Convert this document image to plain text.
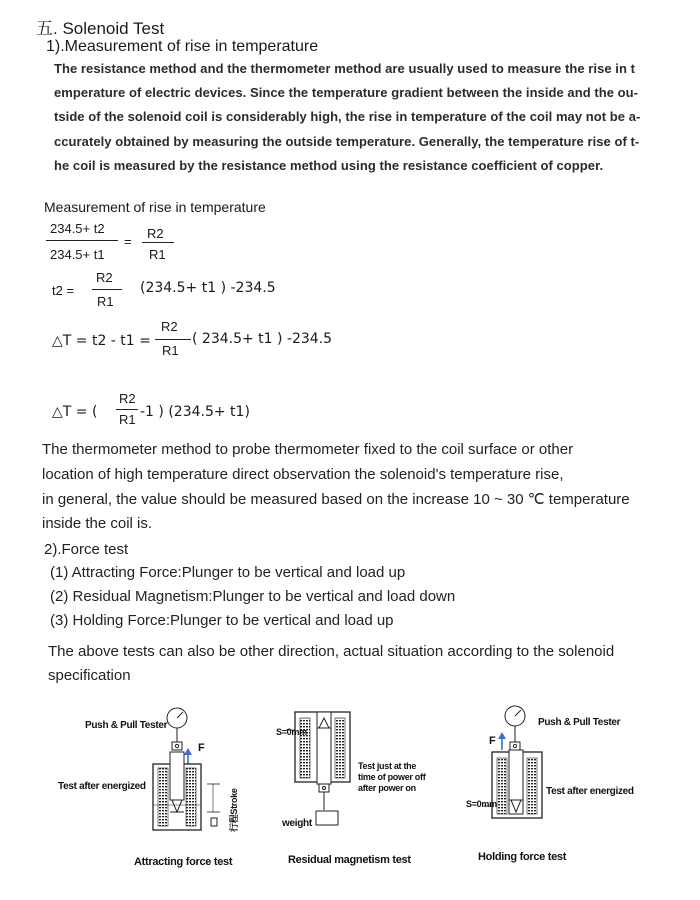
五. Solenoid Test
1).Measurement of rise in temperature
The resistance method and the thermometer method are usually used to measure the rise in t
emperature of electric devices. Since the temperature gradient between the inside and the ou-
tside of the solenoid coil is considerably high, the rise in temperature of the coil may not be a-
ccurately obtained by measuring the outside temperature. Generally, the temperature rise of t-
he coil is measured by the resistance method using the resistance coefficient of copper.
Measurement of rise in temperature
234.5+ t2
234.5+ t1
=
R2
R1
t2 =
R2
R1
(234.5+ t1 ) -234.5
△T = t2 - t1 =
R2
R1
( 234.5+ t1 ) -234.5
△T = (
R2
R1 -1 ) (234.5+ t1)
The thermometer method to probe thermometer fixed to the coil surface or other
location of high temperature direct observation the solenoid's temperature rise,
in general, the value should be measured based on the increase 10 ~ 30 ℃ temperature
inside the coil is.
2).Force test
(1) Attracting Force:Plunger to be vertical and load up
(2) Residual Magnetism:Plunger to be vertical and load down
(3) Holding Force:Plunger to be vertical and load up
The above tests can also be other direction, actual situation according to the solenoid
specification
Push & Pull Tester
F
Test after energized
行程Stroke
Attracting force test
S=0mm
Test just at the
time of power off
after power on
weight
Residual magnetism test
Push & Pull Tester
F
Test after energized
S=0mm
Holding force test
